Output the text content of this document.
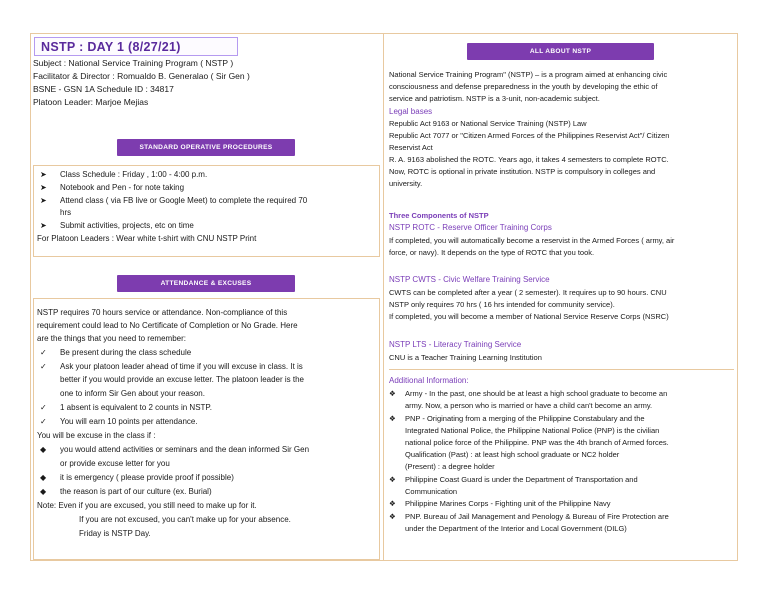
NSTP : DAY 1 (8/27/21)
Subject : National Service Training Program ( NSTP )
Facilitator & Director : Romualdo B. Generalao ( Sir Gen )
BSNE - GSN 1A Schedule ID : 34817
Platoon Leader: Marjoe Mejias
STANDARD OPERATIVE PROCEDURES
➤ Class Schedule : Friday , 1:00 - 4:00 p.m.
➤ Notebook and Pen - for note taking
➤ Attend class ( via FB live or Google Meet) to complete the required 70
hrs
➤ Submit activities, projects, etc on time
For Platoon Leaders : Wear white t-shirt with CNU NSTP Print
ATTENDANCE & EXCUSES
NSTP requires 70 hours service or attendance. Non-compliance of this
requirement could lead to No Certificate of Completion or No Grade. Here
are the things that you need to remember:
✓ Be present during the class schedule
✓ Ask your platoon leader ahead of time if you will excuse in class. It is
better if you would provide an excuse letter. The platoon leader is the
one to inform Sir Gen about your reason.
✓ 1 absent is equivalent to 2 counts in NSTP.
✓ You will earn 10 points per attendance.
You will be excuse in the class if :
◆ you would attend activities or seminars and the dean informed Sir Gen
or provide excuse letter for you
◆ it is emergency ( please provide proof if possible)
◆ the reason is part of our culture (ex. Burial)
Note: Even if you are excused, you still need to make up for it.
If you are not excused, you can't make up for your absence.
Friday is NSTP Day.
ALL ABOUT NSTP
National Service Training Program" (NSTP) – is a program aimed at enhancing civic
consciousness and defense preparedness in the youth by developing the ethic of
service and patriotism. NSTP is a 3-unit, non-academic subject.
Legal bases
Republic Act 9163 or National Service Training (NSTP) Law
Republic Act 7077 or "Citizen Armed Forces of the Philippines Reservist Act"/ Citizen
Reservist Act
R. A. 9163 abolished the ROTC. Years ago, it takes 4 semesters to complete ROTC.
Now, ROTC is optional in private institution. NSTP is compulsory in colleges and
university.
Three Components of NSTP
NSTP ROTC - Reserve Officer Training Corps
If completed, you will automatically become a reservist in the Armed Forces ( army, air
force, or navy). It depends on the type of ROTC that you took.
NSTP CWTS - Civic Welfare Training Service
CWTS can be completed after a year ( 2 semester). It requires up to 90 hours. CNU
NSTP only requires 70 hrs ( 16 hrs intended for community service).
If completed, you will become a member of National Service Reserve Corps (NSRC)
NSTP LTS - Literacy Training Service
CNU is a Teacher Training Learning Institution
Additional Information:
❖ Army - In the past, one should be at least a high school graduate to become an
army. Now, a person who is married or have a child can't become an army.
❖ PNP - Originating from a merging of the Philippine Constabulary and the
Integrated National Police, the Philippine National Police (PNP) is the civilian
national police force of the Philippine. PNP was the 4th branch of Armed forces.
Qualification (Past) : at least high school graduate or NC2 holder
(Present) : a degree holder
❖ Philippine Coast Guard is under the Department of Transportation and
Communication
❖ Philippine Marines Corps - Fighting unit of the Philippine Navy
❖ PNP. Bureau of Jail Management and Penology & Bureau of Fire Protection are
under the Department of the Interior and Local Government (DILG)
